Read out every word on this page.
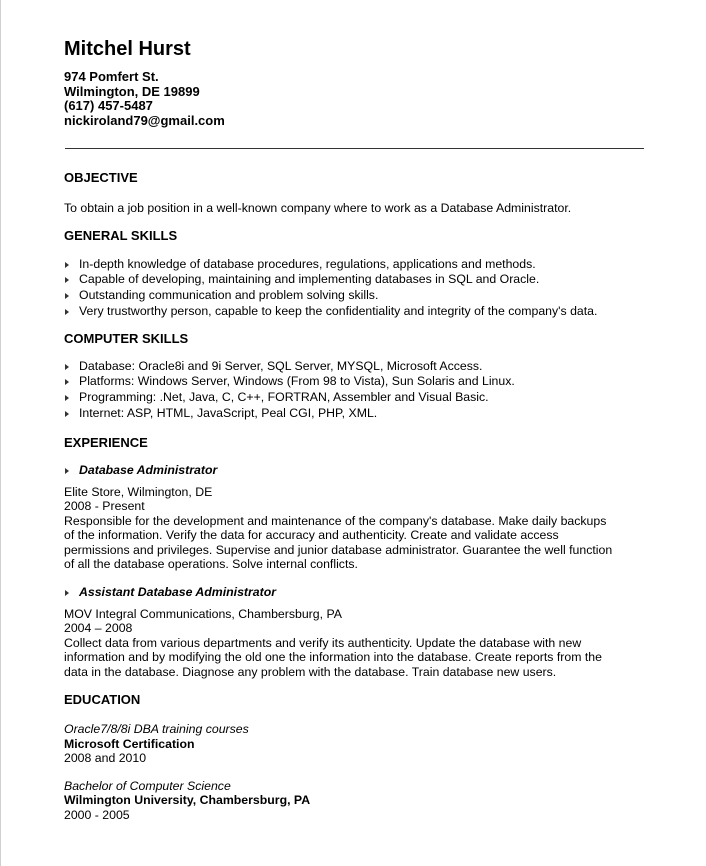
Mitchel Hurst
974 Pomfert St.
Wilmington, DE 19899
(617) 457-5487
nickiroland79@gmail.com
OBJECTIVE
To obtain a job position in a well-known company where to work as a Database Administrator.
GENERAL SKILLS
In-depth knowledge of database procedures, regulations, applications and methods.
Capable of developing, maintaining and implementing databases in SQL and Oracle.
Outstanding communication and problem solving skills.
Very trustworthy person, capable to keep the confidentiality and integrity of the company's data.
COMPUTER SKILLS
Database: Oracle8i and 9i Server, SQL Server, MYSQL, Microsoft Access.
Platforms: Windows Server, Windows (From 98 to Vista), Sun Solaris and Linux.
Programming: .Net, Java, C, C++, FORTRAN, Assembler and Visual Basic.
Internet: ASP, HTML, JavaScript, Peal CGI, PHP, XML.
EXPERIENCE
Database Administrator
Elite Store, Wilmington, DE
2008 - Present
Responsible for the development and maintenance of the company's database. Make daily backups
of the information. Verify the data for accuracy and authenticity. Create and validate access
permissions and privileges. Supervise and junior database administrator. Guarantee the well function
of all the database operations. Solve internal conflicts.
Assistant Database Administrator
MOV Integral Communications, Chambersburg, PA
2004 – 2008
Collect data from various departments and verify its authenticity. Update the database with new
information and by modifying the old one the information into the database. Create reports from the
data in the database. Diagnose any problem with the database. Train database new users.
EDUCATION
Oracle7/8/8i DBA training courses
Microsoft Certification
2008 and 2010
Bachelor of Computer Science
Wilmington University, Chambersburg, PA
2000 - 2005
